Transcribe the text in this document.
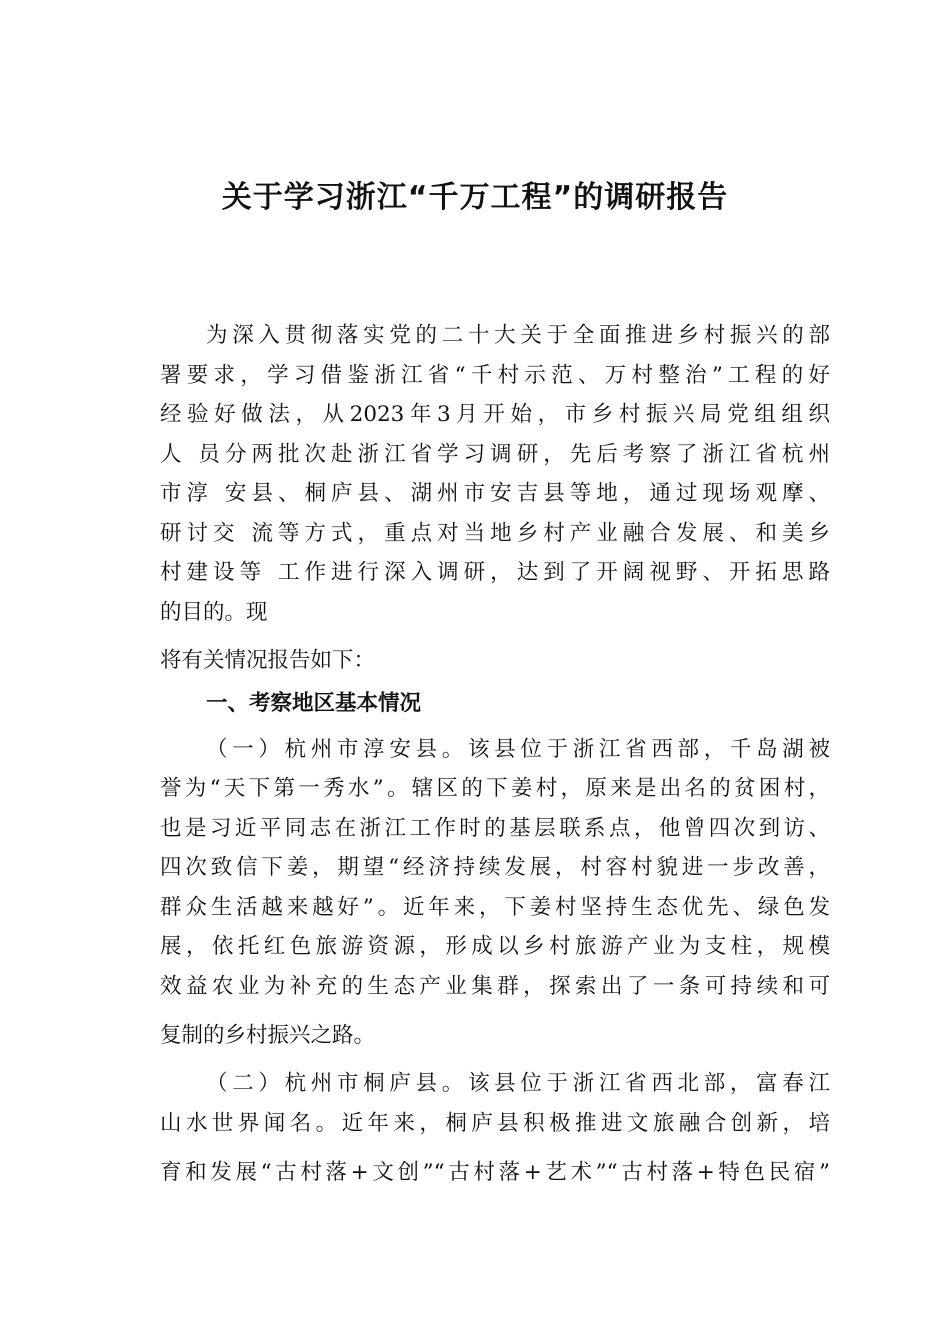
关于学习浙江“千万工程”的调研报告
为深入贯彻落实党的二十大关于全面推进乡村振兴的部
署要求，学习借鉴浙江省“千村示范、万村整治”工程的好
经验好做法，从2023年3月开始，市乡村振兴局党组组织
人 员分两批次赴浙江省学习调研，先后考察了浙江省杭州
市淳 安县、桐庐县、湖州市安吉县等地，通过现场观摩、
研讨交 流等方式，重点对当地乡村产业融合发展、和美乡
村建设等 工作进行深入调研，达到了开阔视野、开拓思路
的目的。现
将有关情况报告如下：
一、考察地区基本情况
（一）杭州市淳安县。该县位于浙江省西部，千岛湖被
誉为“天下第一秀水”。辖区的下姜村，原来是出名的贫困村，
也是习近平同志在浙江工作时的基层联系点，他曾四次到访、
四次致信下姜，期望“经济持续发展，村容村貌进一步改善，
群众生活越来越好”。近年来，下姜村坚持生态优先、绿色发
展，依托红色旅游资源，形成以乡村旅游产业为支柱，规模
效益农业为补充的生态产业集群，探索出了一条可持续和可
复制的乡村振兴之路。
（二）杭州市桐庐县。该县位于浙江省西北部，富春江
山水世界闻名。近年来，桐庐县积极推进文旅融合创新，培
育和发展“古村落+文创”“古村落+艺术”“古村落+特色民宿”
